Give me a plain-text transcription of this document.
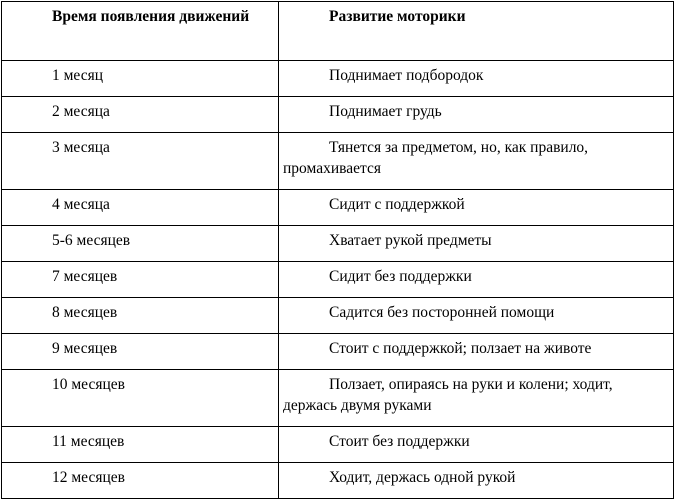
Время появления движений	Развитие моторики

1 месяц	Поднимает подбородок

2 месяца	Поднимает грудь

3 месяца	Тянется за предметом, но, как правило, промахивается

4 месяца	Сидит с поддержкой

5-6 месяцев	Хватает рукой предметы

7 месяцев	Сидит без поддержки

8 месяцев	Садится без посторонней помощи

9 месяцев	Стоит с поддержкой; ползает на животе

10 месяцев	Ползает, опираясь на руки и колени; ходит, держась двумя руками

11 месяцев	Стоит без поддержки

12 месяцев	Ходит, держась одной рукой
